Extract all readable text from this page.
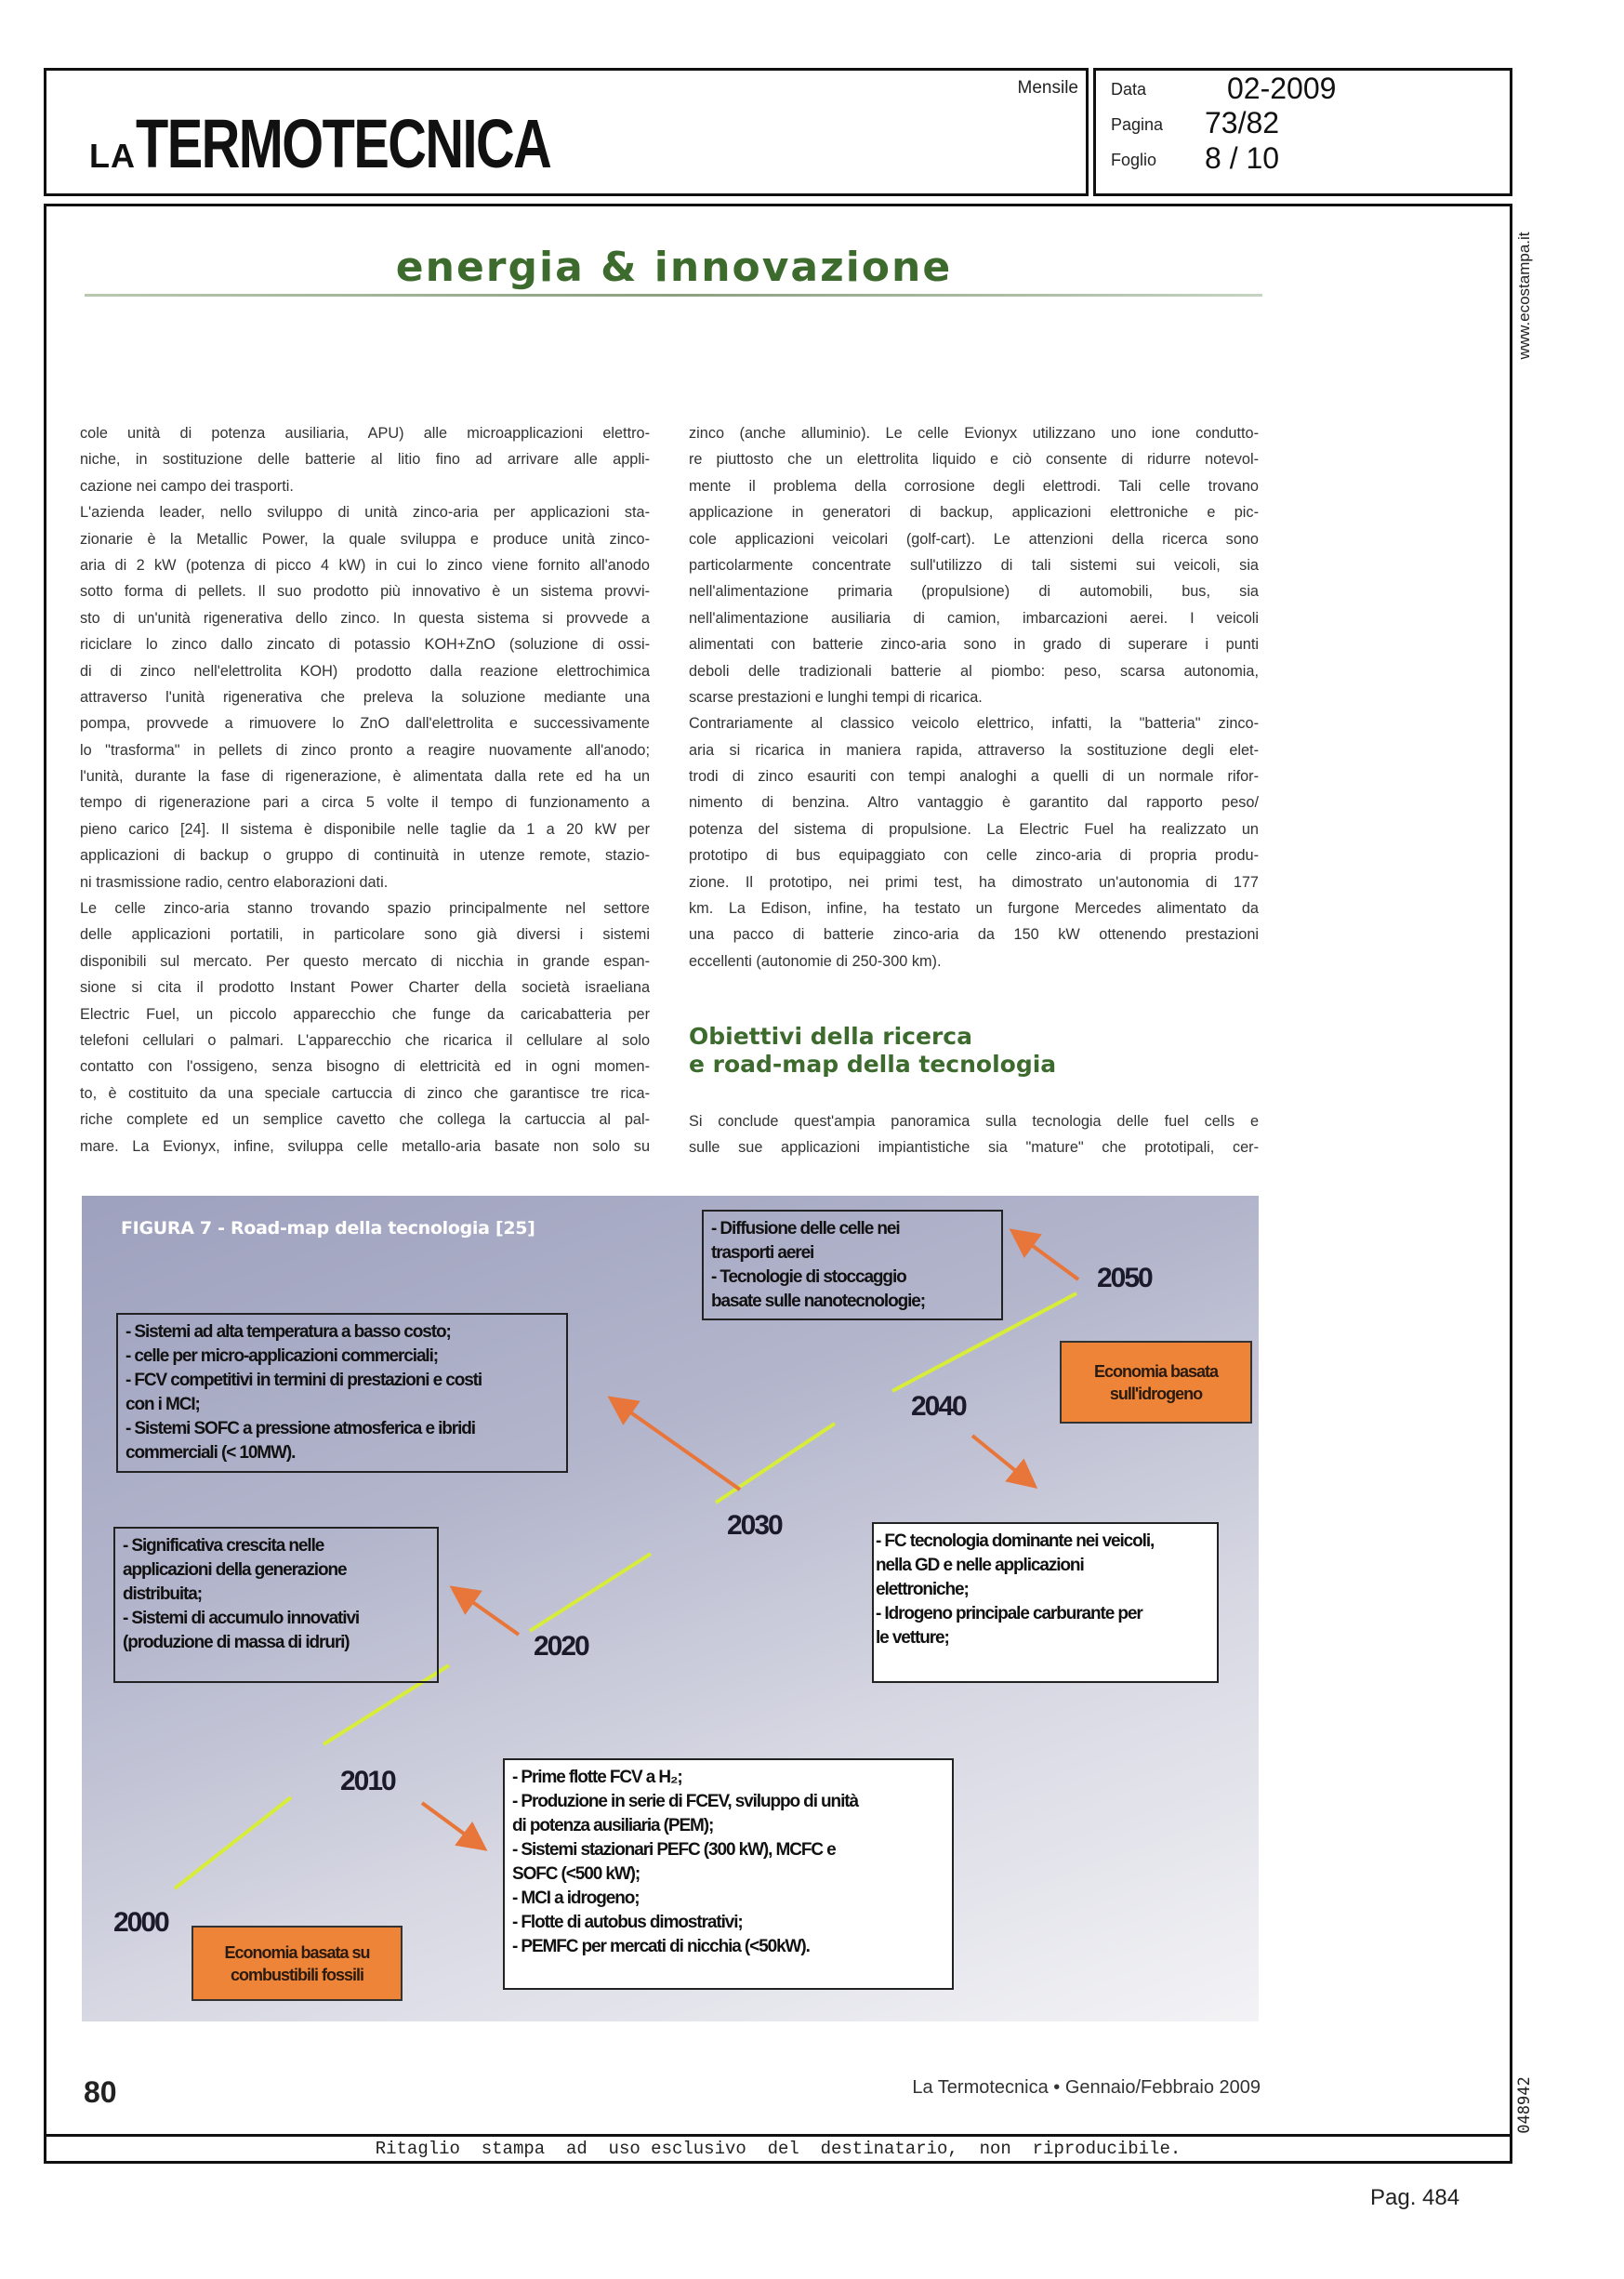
LATERMOTECNICA
Mensile Data	02-2009
Pagina 73/82
Foglio 8 / 10
www.ecostampa.it
048942
energia & innovazione
cole unità di potenza ausiliaria, APU) alle microapplicazioni elettro-
niche, in sostituzione delle batterie al litio fino ad arrivare alle appli-
cazione nei campo dei trasporti.
L'azienda leader, nello sviluppo di unità zinco-aria per applicazioni sta-
zionarie è la Metallic Power, la quale sviluppa e produce unità zinco-
aria di 2 kW (potenza di picco 4 kW) in cui lo zinco viene fornito all'anodo
sotto forma di pellets. Il suo prodotto più innovativo è un sistema provvi-
sto di un'unità rigenerativa dello zinco. In questa sistema si provvede a
riciclare lo zinco dallo zincato di potassio KOH+ZnO (soluzione di ossi-
di di zinco nell'elettrolita KOH) prodotto dalla reazione elettrochimica
attraverso l'unità rigenerativa che preleva la soluzione mediante una
pompa, provvede a rimuovere lo ZnO dall'elettrolita e successivamente
lo "trasforma" in pellets di zinco pronto a reagire nuovamente all'anodo;
l'unità, durante la fase di rigenerazione, è alimentata dalla rete ed ha un
tempo di rigenerazione pari a circa 5 volte il tempo di funzionamento a
pieno carico [24]. Il sistema è disponibile nelle taglie da 1 a 20 kW per
applicazioni di backup o gruppo di continuità in utenze remote, stazio-
ni trasmissione radio, centro elaborazioni dati.
Le celle zinco-aria stanno trovando spazio principalmente nel settore
delle applicazioni portatili, in particolare sono già diversi i sistemi
disponibili sul mercato. Per questo mercato di nicchia in grande espan-
sione si cita il prodotto Instant Power Charter della società israeliana
Electric Fuel, un piccolo apparecchio che funge da caricabatteria per
telefoni cellulari o palmari. L'apparecchio che ricarica il cellulare al solo
contatto con l'ossigeno, senza bisogno di elettricità ed in ogni momen-
to, è costituito da una speciale cartuccia di zinco che garantisce tre rica-
riche complete ed un semplice cavetto che collega la cartuccia al pal-
mare. La Evionyx, infine, sviluppa celle metallo-aria basate non solo su
zinco (anche alluminio). Le celle Evionyx utilizzano uno ione condutto-
re piuttosto che un elettrolita liquido e ciò consente di ridurre notevol-
mente il problema della corrosione degli elettrodi. Tali celle trovano
applicazione in generatori di backup, applicazioni elettroniche e pic-
cole applicazioni veicolari (golf-cart). Le attenzioni della ricerca sono
particolarmente concentrate sull'utilizzo di tali sistemi sui veicoli, sia
nell'alimentazione primaria (propulsione) di automobili, bus, sia
nell'alimentazione ausiliaria di camion, imbarcazioni aerei. I veicoli
alimentati con batterie zinco-aria sono in grado di superare i punti
deboli delle tradizionali batterie al piombo: peso, scarsa autonomia,
scarse prestazioni e lunghi tempi di ricarica.
Contrariamente al classico veicolo elettrico, infatti, la "batteria" zinco-
aria si ricarica in maniera rapida, attraverso la sostituzione degli elet-
trodi di zinco esauriti con tempi analoghi a quelli di un normale rifor-
nimento di benzina. Altro vantaggio è garantito dal rapporto peso/
potenza del sistema di propulsione. La Electric Fuel ha realizzato un
prototipo di bus equipaggiato con celle zinco-aria di propria produ-
zione. Il prototipo, nei primi test, ha dimostrato un'autonomia di 177
km. La Edison, infine, ha testato un furgone Mercedes alimentato da
una pacco di batterie zinco-aria da 150 kW ottenendo prestazioni
eccellenti (autonomie di 250-300 km).
Obiettivi della ricerca
e road-map della tecnologia
Si conclude quest'ampia panoramica sulla tecnologia delle fuel cells e
sulle sue applicazioni impiantistiche sia "mature" che prototipali, cer-
FIGURA 7 - Road-map della tecnologia [25]
- Sistemi ad alta temperatura a basso costo;
- celle per micro-applicazioni commerciali;
- FCV competitivi in termini di prestazioni e costi
con i MCI;
- Sistemi SOFC a pressione atmosferica e ibridi
commerciali (< 10MW).
- Significativa crescita nelle
applicazioni della generazione
distribuita;
- Sistemi di accumulo innovativi
(produzione di massa di idruri)
- Diffusione delle celle nei
trasporti aerei
- Tecnologie di stoccaggio
basate sulle nanotecnologie;
- FC tecnologia dominante nei veicoli,
nella GD e nelle applicazioni
elettroniche;
- Idrogeno principale carburante per
le vetture;
- Prime flotte FCV a H₂;
- Produzione in serie di FCEV, sviluppo di unità
di potenza ausiliaria (PEM);
- Sistemi stazionari PEFC (300 kW), MCFC e
SOFC (<500 kW);
- MCI a idrogeno;
- Flotte di autobus dimostrativi;
- PEMFC per mercati di nicchia (<50kW).
Economia basata
sull'idrogeno
Economia basata su
combustibili fossili
2000
2010
2020
2030
2040
2050
80	La Termotecnica • Gennaio/Febbraio 2009
Ritaglio  stampa  ad  uso esclusivo  del  destinatario,  non  riproducibile.
Pag. 484
